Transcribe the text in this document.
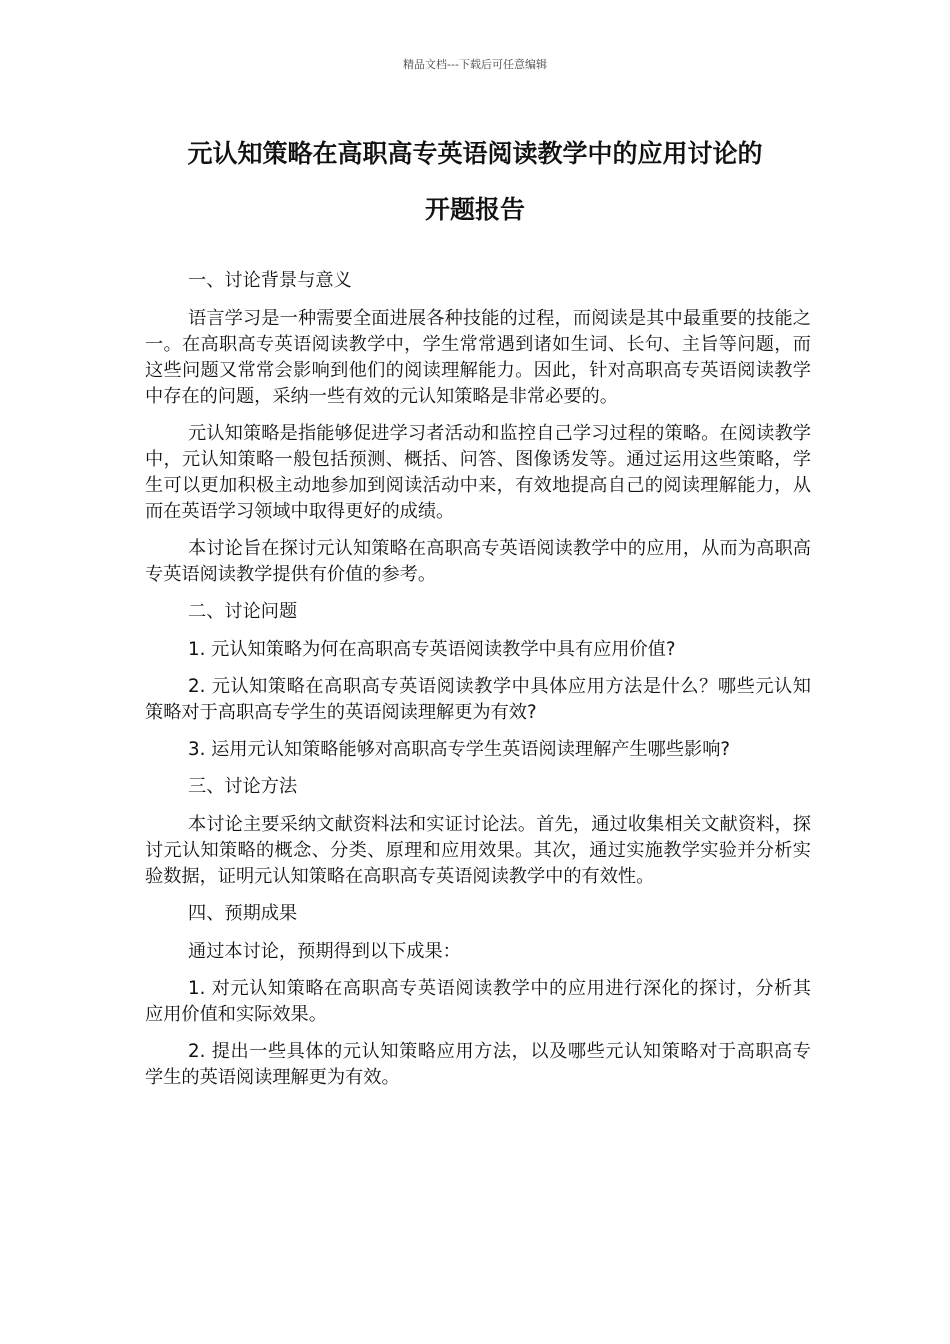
精品文档---下载后可任意编辑
元认知策略在高职高专英语阅读教学中的应用讨论的
开题报告

一、讨论背景与意义

语言学习是一种需要全面进展各种技能的过程，而阅读是其中最重要的技能之一。在高职高专英语阅读教学中，学生常常遇到诸如生词、长句、主旨等问题，而这些问题又常常会影响到他们的阅读理解能力。因此，针对高职高专英语阅读教学中存在的问题，采纳一些有效的元认知策略是非常必要的。

元认知策略是指能够促进学习者活动和监控自己学习过程的策略。在阅读教学中，元认知策略一般包括预测、概括、问答、图像诱发等。通过运用这些策略，学生可以更加积极主动地参加到阅读活动中来，有效地提高自己的阅读理解能力，从而在英语学习领域中取得更好的成绩。

本讨论旨在探讨元认知策略在高职高专英语阅读教学中的应用，从而为高职高专英语阅读教学提供有价值的参考。

二、讨论问题

1. 元认知策略为何在高职高专英语阅读教学中具有应用价值?

2. 元认知策略在高职高专英语阅读教学中具体应用方法是什么？哪些元认知策略对于高职高专学生的英语阅读理解更为有效?

3. 运用元认知策略能够对高职高专学生英语阅读理解产生哪些影响?

三、讨论方法

本讨论主要采纳文献资料法和实证讨论法。首先，通过收集相关文献资料，探讨元认知策略的概念、分类、原理和应用效果。其次，通过实施教学实验并分析实验数据，证明元认知策略在高职高专英语阅读教学中的有效性。

四、预期成果

通过本讨论，预期得到以下成果：

1. 对元认知策略在高职高专英语阅读教学中的应用进行深化的探讨，分析其应用价值和实际效果。

2. 提出一些具体的元认知策略应用方法，以及哪些元认知策略对于高职高专学生的英语阅读理解更为有效。
